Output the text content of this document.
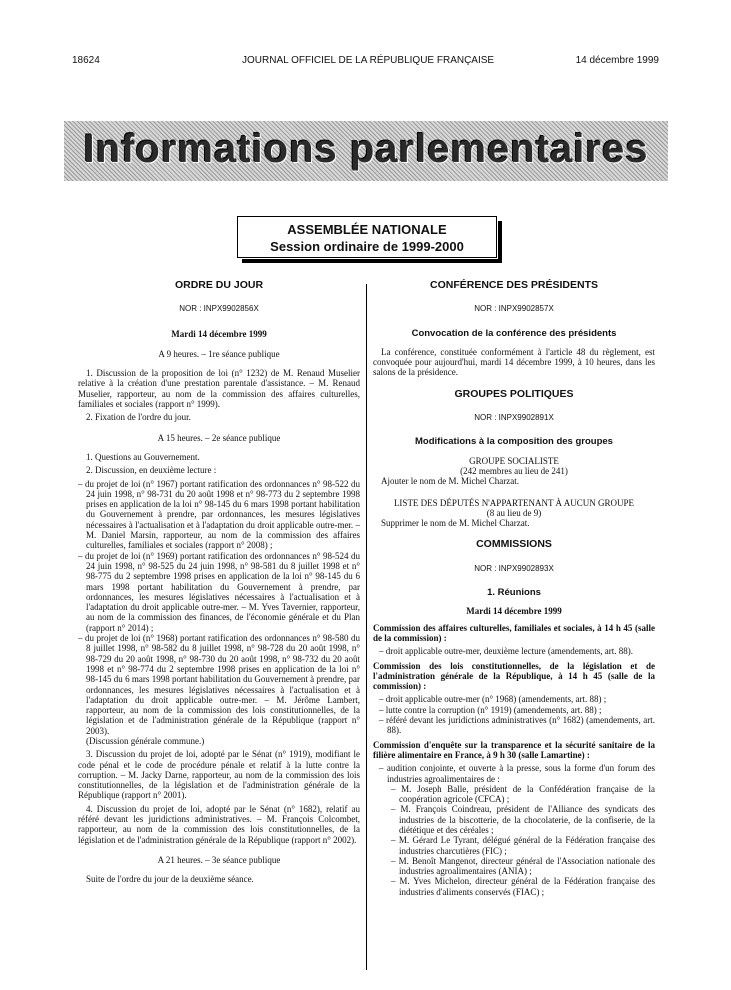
18624	JOURNAL OFFICIEL DE LA RÉPUBLIQUE FRANÇAISE	14 décembre 1999
Informations parlementaires
ASSEMBLÉE NATIONALE
Session ordinaire de 1999-2000
ORDRE DU JOUR
NOR : INPX9902856X
Mardi 14 décembre 1999
A 9 heures. – 1re séance publique

1. Discussion de la proposition de loi (n° 1232) de M. Renaud Muselier relative à la création d'une prestation parentale d'assistance. – M. Renaud Muselier, rapporteur, au nom de la commission des affaires culturelles, familiales et sociales (rapport n° 1999).

2. Fixation de l'ordre du jour.

A 15 heures. – 2e séance publique

1. Questions au Gouvernement.

2. Discussion, en deuxième lecture :

– du projet de loi (n° 1967) portant ratification des ordonnances n° 98-522 du 24 juin 1998, n° 98-731 du 20 août 1998 et n° 98-773 du 2 septembre 1998 prises en application de la loi n° 98-145 du 6 mars 1998 portant habilitation du Gouvernement à prendre, par ordonnances, les mesures législatives nécessaires à l'actualisation et à l'adaptation du droit applicable outre-mer. – M. Daniel Marsin, rapporteur, au nom de la commission des affaires culturelles, familiales et sociales (rapport n° 2008) ;

– du projet de loi (n° 1969) portant ratification des ordonnances n° 98-524 du 24 juin 1998, n° 98-525 du 24 juin 1998, n° 98-581 du 8 juillet 1998 et n° 98-775 du 2 septembre 1998 prises en application de la loi n° 98-145 du 6 mars 1998 portant habilitation du Gouvernement à prendre, par ordonnances, les mesures législatives nécessaires à l'actualisation et à l'adaptation du droit applicable outre-mer. – M. Yves Tavernier, rapporteur, au nom de la commission des finances, de l'économie générale et du Plan (rapport n° 2014) ;

– du projet de loi (n° 1968) portant ratification des ordonnances n° 98-580 du 8 juillet 1998, n° 98-582 du 8 juillet 1998, n° 98-728 du 20 août 1998, n° 98-729 du 20 août 1998, n° 98-730 du 20 août 1998, n° 98-732 du 20 août 1998 et n° 98-774 du 2 septembre 1998 prises en application de la loi n° 98-145 du 6 mars 1998 portant habilitation du Gouvernement à prendre, par ordonnances, les mesures législatives nécessaires à l'actualisation et à l'adaptation du droit applicable outre-mer. – M. Jérôme Lambert, rapporteur, au nom de la commission des lois constitutionnelles, de la législation et de l'administration générale de la République (rapport n° 2003).

(Discussion générale commune.)

3. Discussion du projet de loi, adopté par le Sénat (n° 1919), modifiant le code pénal et le code de procédure pénale et relatif à la lutte contre la corruption. – M. Jacky Darne, rapporteur, au nom de la commission des lois constitutionnelles, de la législation et de l'administration générale de la République (rapport n° 2001).

4. Discussion du projet de loi, adopté par le Sénat (n° 1682), relatif au référé devant les juridictions administratives. – M. François Colcombet, rapporteur, au nom de la commission des lois constitutionnelles, de la législation et de l'administration générale de la République (rapport n° 2002).

A 21 heures. – 3e séance publique

Suite de l'ordre du jour de la deuxième séance.

CONFÉRENCE DES PRÉSIDENTS
NOR : INPX9902857X
Convocation de la conférence des présidents

La conférence, constituée conformément à l'article 48 du règlement, est convoquée pour aujourd'hui, mardi 14 décembre 1999, à 10 heures, dans les salons de la présidence.

GROUPES POLITIQUES
NOR : INPX9902891X
Modifications à la composition des groupes
GROUPE SOCIALISTE
(242 membres au lieu de 241)

Ajouter le nom de M. Michel Charzat.

LISTE DES DÉPUTÉS N'APPARTENANT À AUCUN GROUPE
(8 au lieu de 9)

Supprimer le nom de M. Michel Charzat.

COMMISSIONS
NOR : INPX9902893X
1. Réunions
Mardi 14 décembre 1999

Commission des affaires culturelles, familiales et sociales, à 14 h 45 (salle de la commission) :

– droit applicable outre-mer, deuxième lecture (amendements, art. 88).

Commission des lois constitutionnelles, de la législation et de l'administration générale de la République, à 14 h 45 (salle de la commission) :

– droit applicable outre-mer (n° 1968) (amendements, art. 88) ;

– lutte contre la corruption (n° 1919) (amendements, art. 88) ;

– référé devant les juridictions administratives (n° 1682) (amendements, art. 88).

Commission d'enquête sur la transparence et la sécurité sanitaire de la filière alimentaire en France, à 9 h 30 (salle Lamartine) :

– audition conjointe, et ouverte à la presse, sous la forme d'un forum des industries agroalimentaires de :

– M. Joseph Balle, président de la Confédération française de la coopération agricole (CFCA) ;

– M. François Coindreau, président de l'Alliance des syndicats des industries de la biscotterie, de la chocolaterie, de la confiserie, de la diététique et des céréales ;

– M. Gérard Le Tyrant, délégué général de la Fédération française des industries charcutières (FIC) ;

– M. Benoît Mangenot, directeur général de l'Association nationale des industries agroalimentaires (ANIA) ;

– M. Yves Michelon, directeur général de la Fédération française des industries d'aliments conservés (FIAC) ;
